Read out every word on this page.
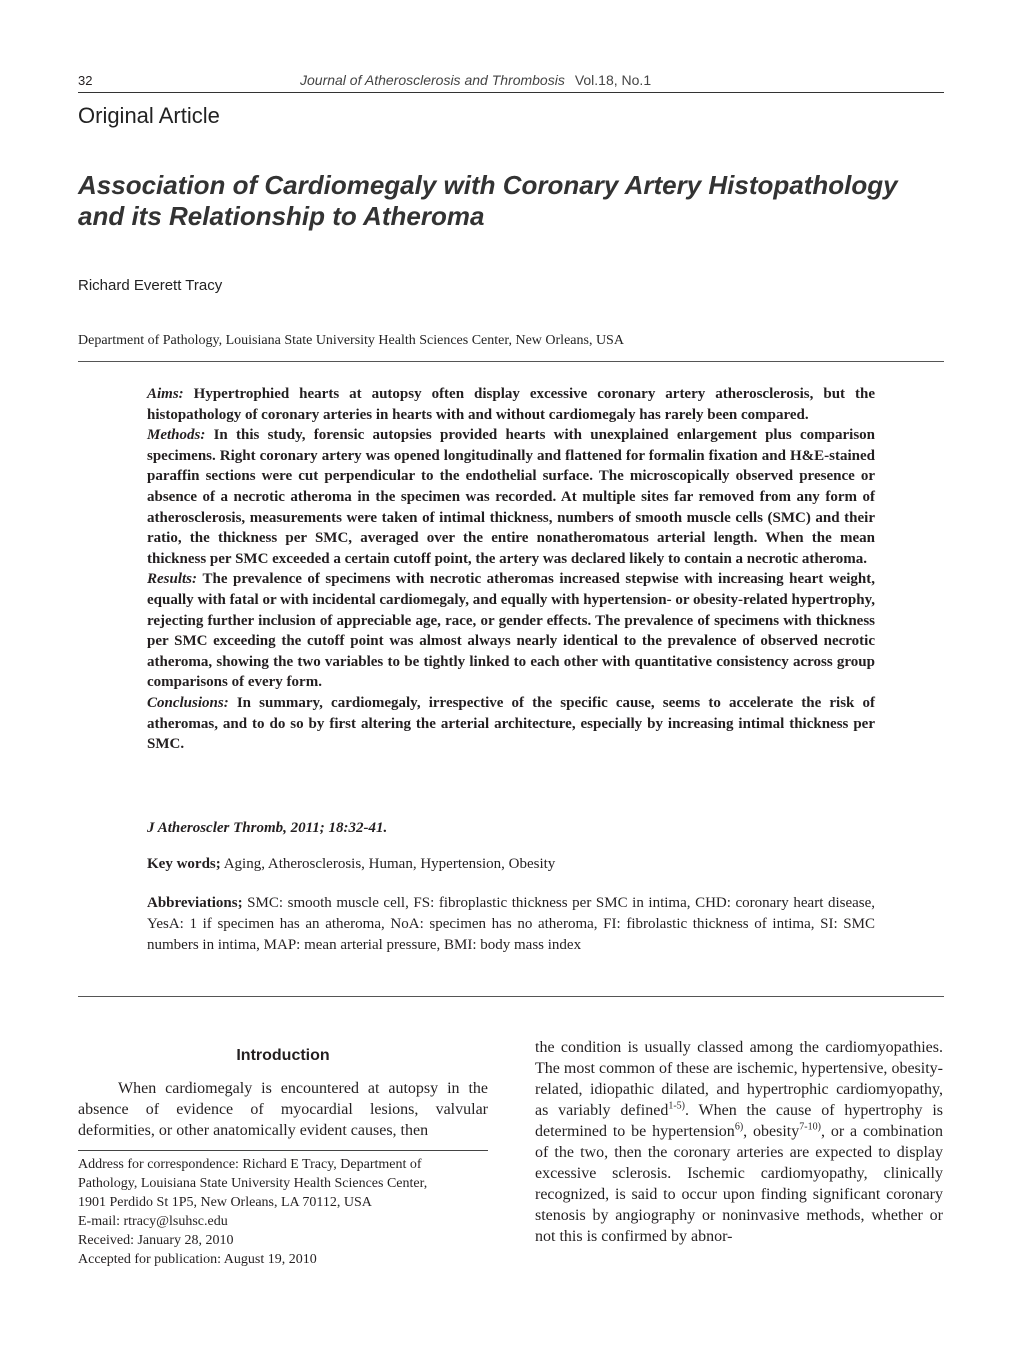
32	Journal of Atherosclerosis and Thrombosis Vol.18, No.1
Original Article
Association of Cardiomegaly with Coronary Artery Histopathology
and its Relationship to Atheroma
Richard Everett Tracy
Department of Pathology, Louisiana State University Health Sciences Center, New Orleans, USA

Aims: Hypertrophied hearts at autopsy often display excessive coronary artery atherosclerosis, but the histopathology of coronary arteries in hearts with and without cardiomegaly has rarely been compared.

Methods: In this study, forensic autopsies provided hearts with unexplained enlargement plus comparison specimens. Right coronary artery was opened longitudinally and flattened for formalin fixation and H&E-stained paraffin sections were cut perpendicular to the endothelial surface. The microscopically observed presence or absence of a necrotic atheroma in the specimen was recorded. At multiple sites far removed from any form of atherosclerosis, measurements were taken of intimal thickness, numbers of smooth muscle cells (SMC) and their ratio, the thickness per SMC, averaged over the entire nonatheromatous arterial length. When the mean thickness per SMC exceeded a certain cutoff point, the artery was declared likely to contain a necrotic atheroma.

Results: The prevalence of specimens with necrotic atheromas increased stepwise with increasing heart weight, equally with fatal or with incidental cardiomegaly, and equally with hypertension- or obesity-related hypertrophy, rejecting further inclusion of appreciable age, race, or gender effects. The prevalence of specimens with thickness per SMC exceeding the cutoff point was almost always nearly identical to the prevalence of observed necrotic atheroma, showing the two variables to be tightly linked to each other with quantitative consistency across group comparisons of every form.

Conclusions: In summary, cardiomegaly, irrespective of the specific cause, seems to accelerate the risk of atheromas, and to do so by first altering the arterial architecture, especially by increasing intimal thickness per SMC.

J Atheroscler Thromb, 2011; 18:32-41.
Key words; Aging, Atherosclerosis, Human, Hypertension, Obesity
Abbreviations; SMC: smooth muscle cell, FS: fibroplastic thickness per SMC in intima, CHD: coronary heart disease, YesA: 1 if specimen has an atheroma, NoA: specimen has no atheroma, FI: fibrolastic thickness of intima, SI: SMC numbers in intima, MAP: mean arterial pressure, BMI: body mass index
Introduction

When cardiomegaly is encountered at autopsy in the absence of evidence of myocardial lesions, valvular deformities, or other anatomically evident causes, then

Address for correspondence: Richard E Tracy, Department of
Pathology, Louisiana State University Health Sciences Center,
1901 Perdido St 1P5, New Orleans, LA 70112, USA
E-mail: rtracy@lsuhsc.edu
Received: January 28, 2010
Accepted for publication: August 19, 2010

the condition is usually classed among the cardiomyopathies. The most common of these are ischemic, hypertensive, obesity-related, idiopathic dilated, and hypertrophic cardiomyopathy, as variably defined$^{1-5)}$. When the cause of hypertrophy is determined to be hypertension$^{6)}$, obesity$^{7-10)}$, or a combination of the two, then the coronary arteries are expected to display excessive sclerosis. Ischemic cardiomyopathy, clinically recognized, is said to occur upon finding significant coronary stenosis by angiography or noninvasive methods, whether or not this is confirmed by abnor-
